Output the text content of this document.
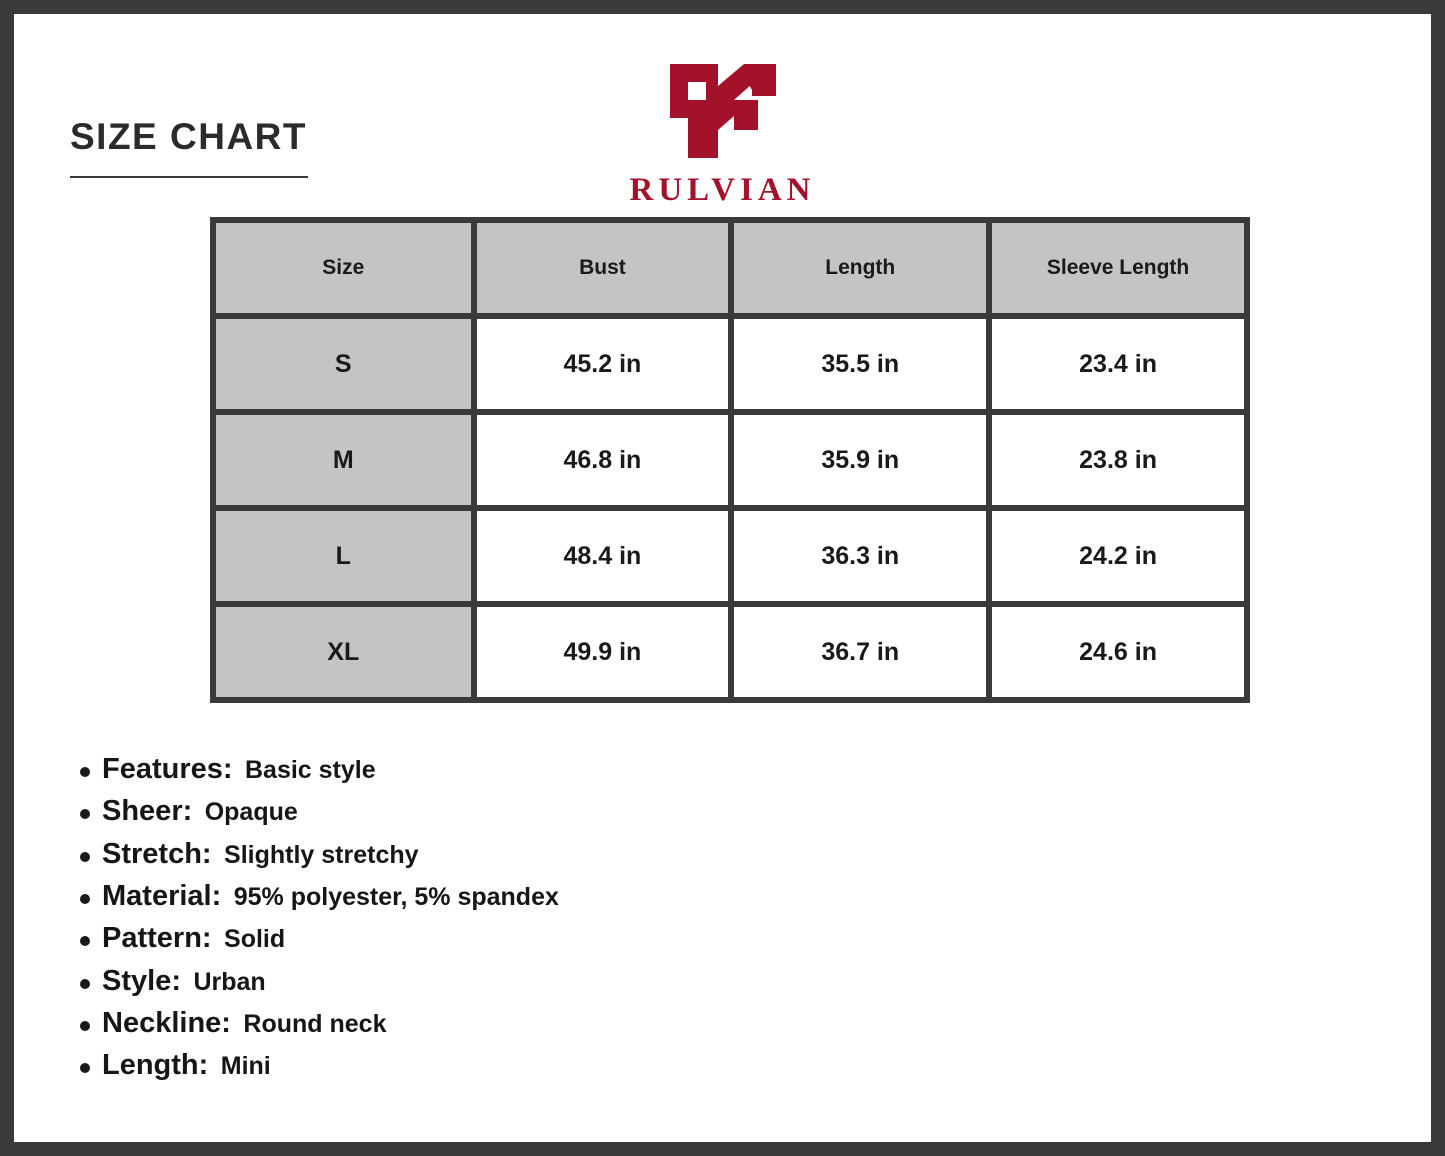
SIZE CHART
RULVIAN
Size	Bust	Length	Sleeve Length
S	45.2 in	35.5 in	23.4 in
M	46.8 in	35.9 in	23.8 in
L	48.4 in	36.3 in	24.2 in
XL	49.9 in	36.7 in	24.6 in
Features: Basic style
Sheer: Opaque
Stretch: Slightly stretchy
Material: 95% polyester, 5% spandex
Pattern: Solid
Style: Urban
Neckline: Round neck
Length: Mini
